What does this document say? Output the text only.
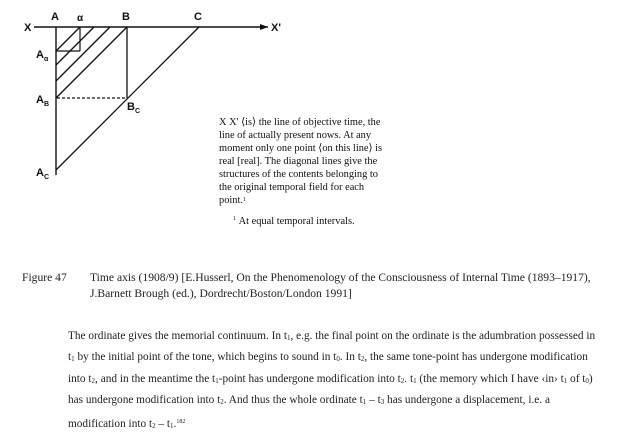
X
A α	B	C
X'
A α
A B	B C
A C

X X' ⟨is⟩ the line of objective time, the

line of actually present nows. At any

moment only one point ⟨on this line⟩ is

real [real]. The diagonal lines give the

structures of the contents belonging to

the original temporal field for each

point.$^1$

$^1$ At equal temporal intervals.
Figure 47 Time axis (1908/9) [E.Husserl, On the Phenomenology of the Consciousness of Internal Time (1893–1917), J.Barnett Brough (ed.), Dordrecht/Boston/London 1991]
The ordinate gives the memorial continuum. In $t_1$, e.g. the final point on the ordinate is the adumbration possessed in $t_1$ by the initial point of the tone, which begins to sound in $t_0$. In $t_2$, the same tone-point has undergone modification into $t_2$, and in the meantime the $t_1$-point has undergone modification into $t_2$. $t_1$ (the memory which I have ‹in› $t_1$ of $t_0$) has undergone modification into $t_2$. And thus the whole ordinate $t_1 - t_3$ has undergone a displacement, i.e. a modification into $t_2 - t_1.^{182}$
